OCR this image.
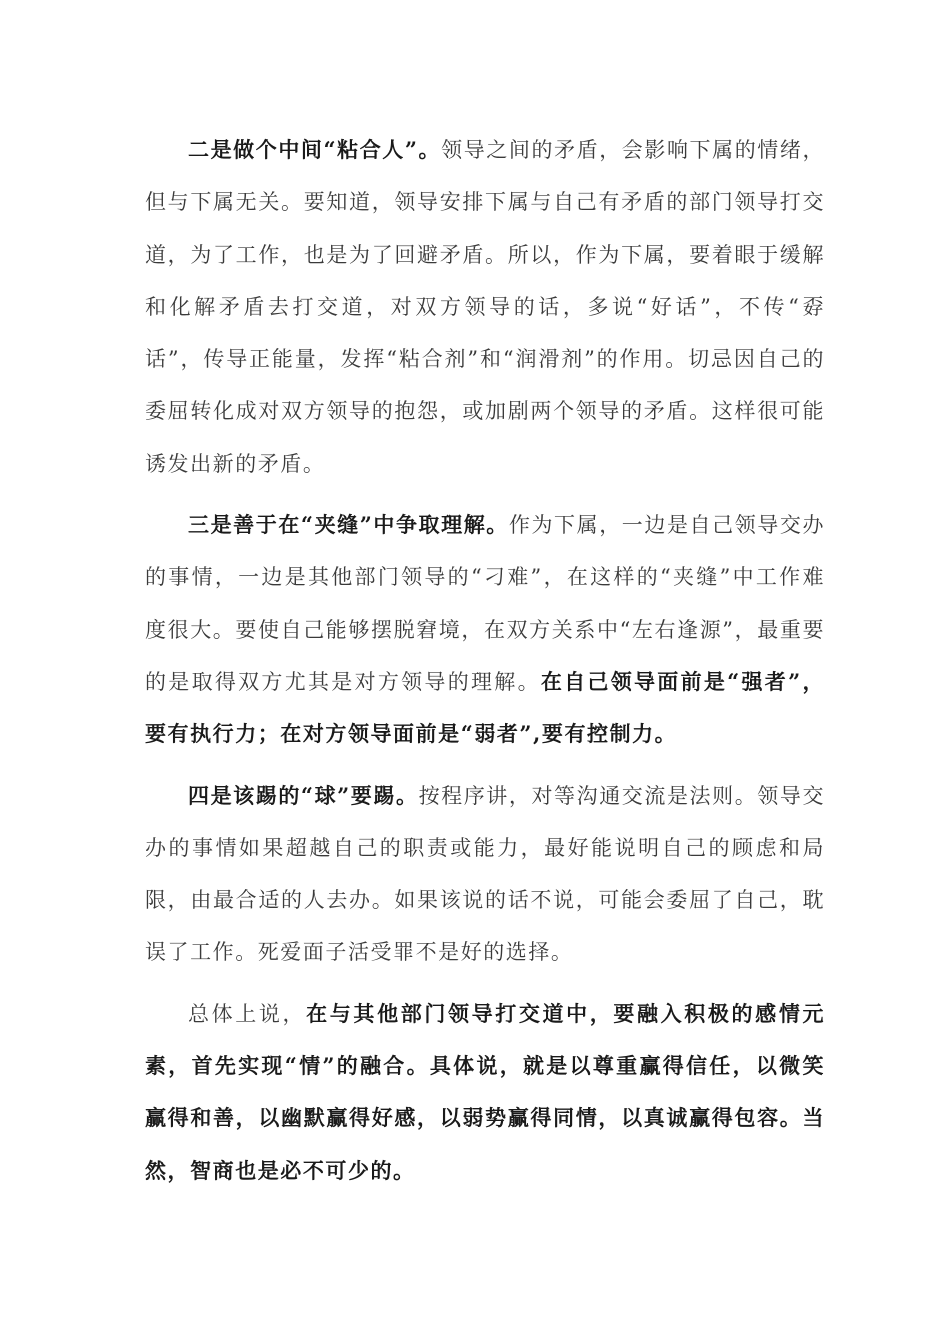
二是做个中间“粘合人”。领导之间的矛盾，会影响下属的情绪，但与下属无关。要知道，领导安排下属与自己有矛盾的部门领导打交道，为了工作，也是为了回避矛盾。所以，作为下属，要着眼于缓解和化解矛盾去打交道，对双方领导的话，多说“好话”，不传“孬话”，传导正能量，发挥“粘合剂”和“润滑剂”的作用。切忌因自己的委屈转化成对双方领导的抱怨，或加剧两个领导的矛盾。这样很可能诱发出新的矛盾。

三是善于在“夹缝”中争取理解。作为下属，一边是自己领导交办的事情，一边是其他部门领导的“刁难”，在这样的“夹缝”中工作难度很大。要使自己能够摆脱窘境，在双方关系中“左右逢源”，最重要的是取得双方尤其是对方领导的理解。在自己领导面前是“强者”，要有执行力；在对方领导面前是“弱者”,要有控制力。

四是该踢的“球”要踢。按程序讲，对等沟通交流是法则。领导交办的事情如果超越自己的职责或能力，最好能说明自己的顾虑和局限，由最合适的人去办。如果该说的话不说，可能会委屈了自己，耽误了工作。死爱面子活受罪不是好的选择。

总体上说，在与其他部门领导打交道中，要融入积极的感情元素，首先实现“情”的融合。具体说，就是以尊重赢得信任，以微笑赢得和善，以幽默赢得好感，以弱势赢得同情，以真诚赢得包容。当然，智商也是必不可少的。
